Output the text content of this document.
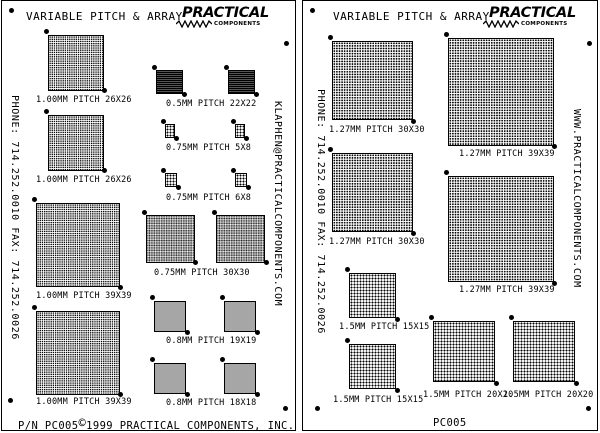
VARIABLE PITCH & ARRAY PRACTICAL
COMPONENTS
1.00MM PITCH 26X26
1.00MM PITCH 26X26
1.00MM PITCH 39X39
1.00MM PITCH 39X39
0.5MM PITCH 22X22
0.75MM PITCH 5X8
0.75MM PITCH 6X8
0.75MM PITCH 30X30
0.8MM PITCH 19X19
0.8MM PITCH 18X18
PHONE: 714.252.0010 FAX: 714.252.0026	KLAPHEN@PRACTICALCOMPONENTS.COM
P/N PC005©1999 PRACTICAL COMPONENTS, INC.
VARIABLE PITCH & ARRAY PRACTICAL
COMPONENTS
1.27MM PITCH 30X30
1.27MM PITCH 39X39
1.27MM PITCH 30X30
1.27MM PITCH 39X39
1.5MM PITCH 15X15
1.5MM PITCH 15X15 1.5MM PITCH 20X20
1.5MM PITCH 20X20
PHONE: 714.252.0010 FAX: 714.252.0026	WWW.PRACTICALCOMPONENTS.COM
PC005
